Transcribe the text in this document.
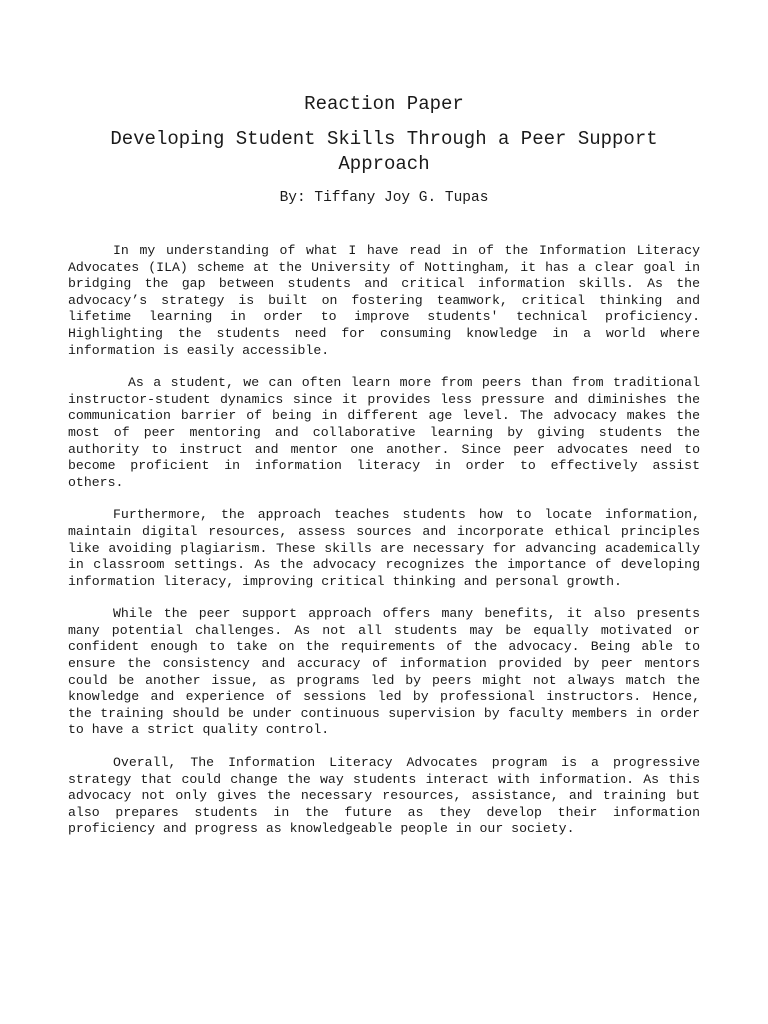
Reaction Paper
Developing Student Skills Through a Peer Support Approach
By: Tiffany Joy G. Tupas

In my understanding of what I have read in of the Information Literacy Advocates (ILA) scheme at the University of Nottingham, it has a clear goal in bridging the gap between students and critical information skills. As the advocacy’s strategy is built on fostering teamwork, critical thinking and lifetime learning in order to improve students' technical proficiency. Highlighting the students need for consuming knowledge in a world where information is easily accessible.

As a student, we can often learn more from peers than from traditional instructor-student dynamics since it provides less pressure and diminishes the communication barrier of being in different age level. The advocacy makes the most of peer mentoring and collaborative learning by giving students the authority to instruct and mentor one another. Since peer advocates need to become proficient in information literacy in order to effectively assist others.

Furthermore, the approach teaches students how to locate information, maintain digital resources, assess sources and incorporate ethical principles like avoiding plagiarism. These skills are necessary for advancing academically in classroom settings. As the advocacy recognizes the importance of developing information literacy, improving critical thinking and personal growth.

While the peer support approach offers many benefits, it also presents many potential challenges. As not all students may be equally motivated or confident enough to take on the requirements of the advocacy. Being able to ensure the consistency and accuracy of information provided by peer mentors could be another issue, as programs led by peers might not always match the knowledge and experience of sessions led by professional instructors. Hence, the training should be under continuous supervision by faculty members in order to have a strict quality control.

Overall, The Information Literacy Advocates program is a progressive strategy that could change the way students interact with information. As this advocacy not only gives the necessary resources, assistance, and training but also prepares students in the future as they develop their information proficiency and progress as knowledgeable people in our society.
